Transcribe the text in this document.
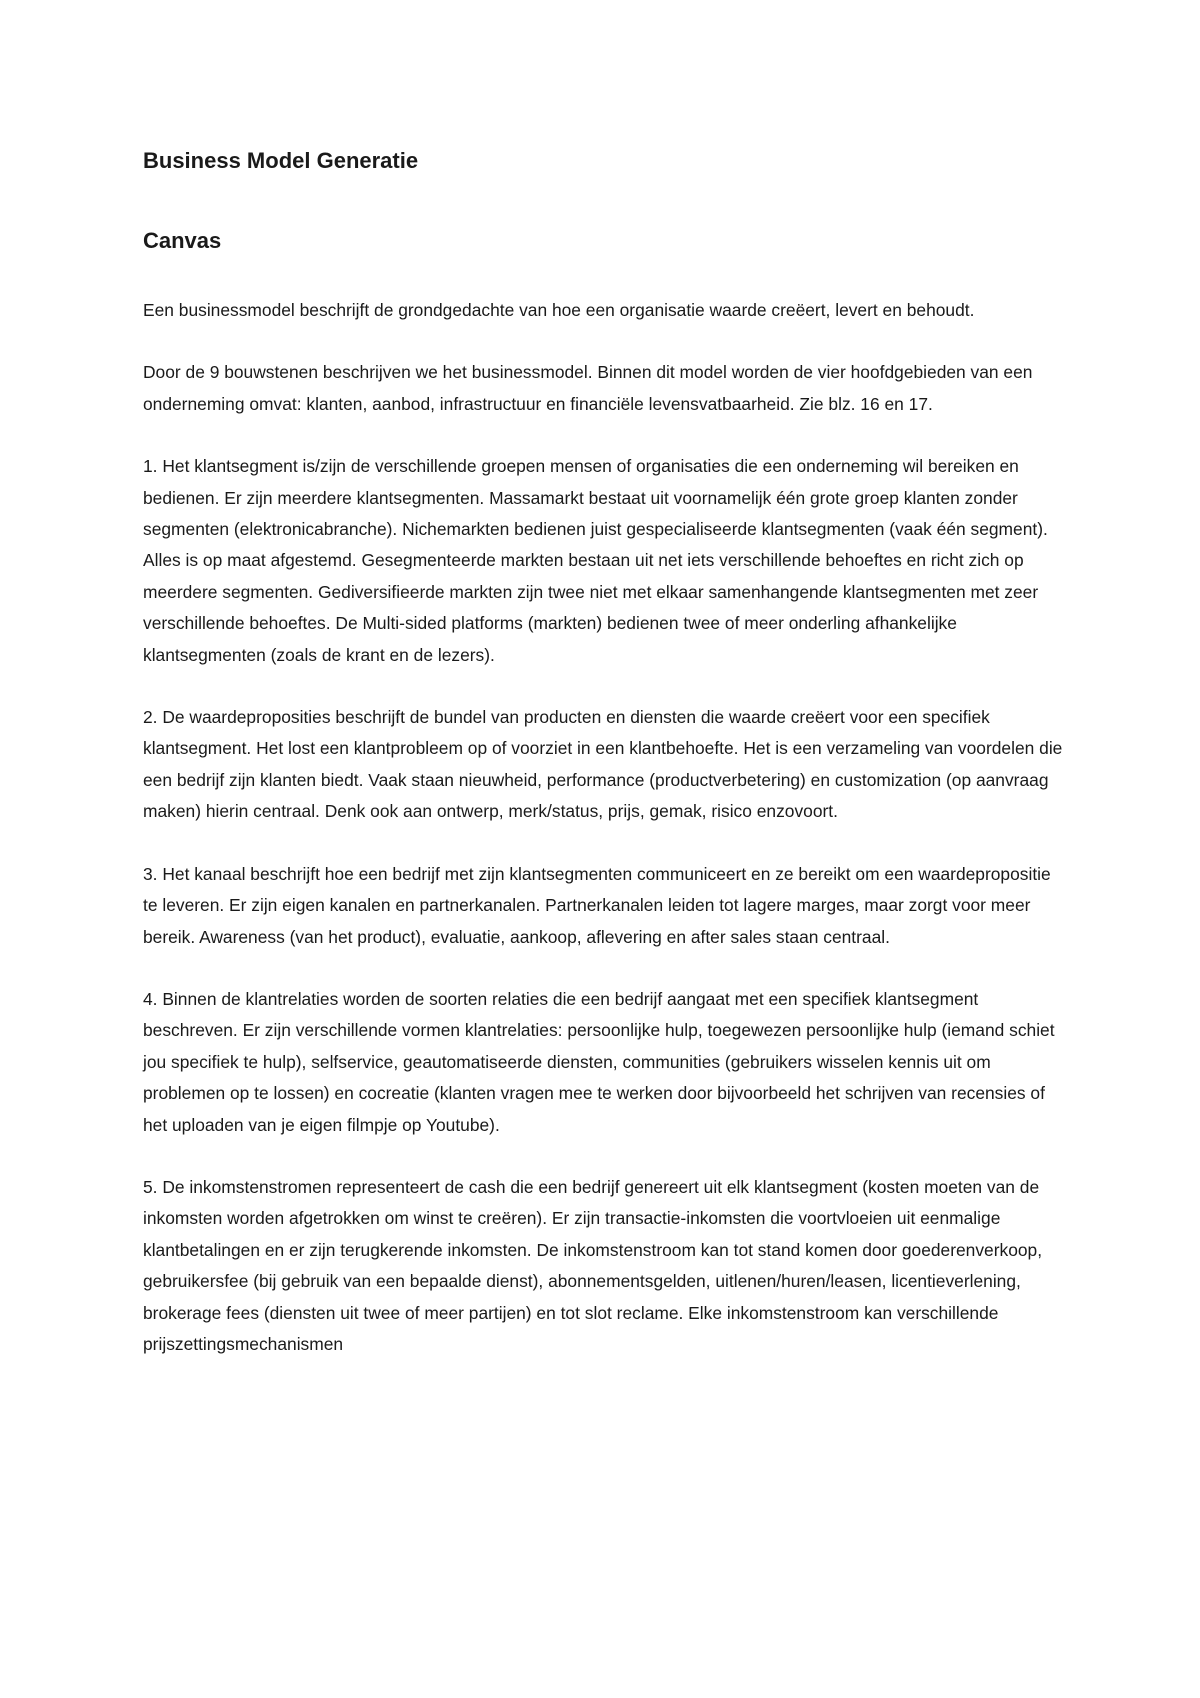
Business Model Generatie
Canvas

Een businessmodel beschrijft de grondgedachte van hoe een organisatie waarde creëert, levert en behoudt.

Door de 9 bouwstenen beschrijven we het businessmodel. Binnen dit model worden de vier hoofdgebieden van een onderneming omvat: klanten, aanbod, infrastructuur en financiële levensvatbaarheid. Zie blz. 16 en 17.

1. Het klantsegment is/zijn de verschillende groepen mensen of organisaties die een onderneming wil bereiken en bedienen. Er zijn meerdere klantsegmenten. Massamarkt bestaat uit voornamelijk één grote groep klanten zonder segmenten (elektronicabranche). Nichemarkten bedienen juist gespecialiseerde klantsegmenten (vaak één segment). Alles is op maat afgestemd. Gesegmenteerde markten bestaan uit net iets verschillende behoeftes en richt zich op meerdere segmenten. Gediversifieerde markten zijn twee niet met elkaar samenhangende klantsegmenten met zeer verschillende behoeftes. De Multi-sided platforms (markten) bedienen twee of meer onderling afhankelijke klantsegmenten (zoals de krant en de lezers).

2. De waardeproposities beschrijft de bundel van producten en diensten die waarde creëert voor een specifiek klantsegment. Het lost een klantprobleem op of voorziet in een klantbehoefte. Het is een verzameling van voordelen die een bedrijf zijn klanten biedt. Vaak staan nieuwheid, performance (productverbetering) en customization (op aanvraag maken) hierin centraal. Denk ook aan ontwerp, merk/status, prijs, gemak, risico enzovoort.

3. Het kanaal beschrijft hoe een bedrijf met zijn klantsegmenten communiceert en ze bereikt om een waardepropositie te leveren. Er zijn eigen kanalen en partnerkanalen. Partnerkanalen leiden tot lagere marges, maar zorgt voor meer bereik. Awareness (van het product), evaluatie, aankoop, aflevering en after sales staan centraal.

4. Binnen de klantrelaties worden de soorten relaties die een bedrijf aangaat met een specifiek klantsegment beschreven. Er zijn verschillende vormen klantrelaties: persoonlijke hulp, toegewezen persoonlijke hulp (iemand schiet jou specifiek te hulp), selfservice, geautomatiseerde diensten, communities (gebruikers wisselen kennis uit om problemen op te lossen) en cocreatie (klanten vragen mee te werken door bijvoorbeeld het schrijven van recensies of het uploaden van je eigen filmpje op Youtube).

5. De inkomstenstromen representeert de cash die een bedrijf genereert uit elk klantsegment (kosten moeten van de inkomsten worden afgetrokken om winst te creëren). Er zijn transactie-inkomsten die voortvloeien uit eenmalige klantbetalingen en er zijn terugkerende inkomsten. De inkomstenstroom kan tot stand komen door goederenverkoop, gebruikersfee (bij gebruik van een bepaalde dienst), abonnementsgelden, uitlenen/huren/leasen, licentieverlening, brokerage fees (diensten uit twee of meer partijen) en tot slot reclame. Elke inkomstenstroom kan verschillende prijszettingsmechanismen
